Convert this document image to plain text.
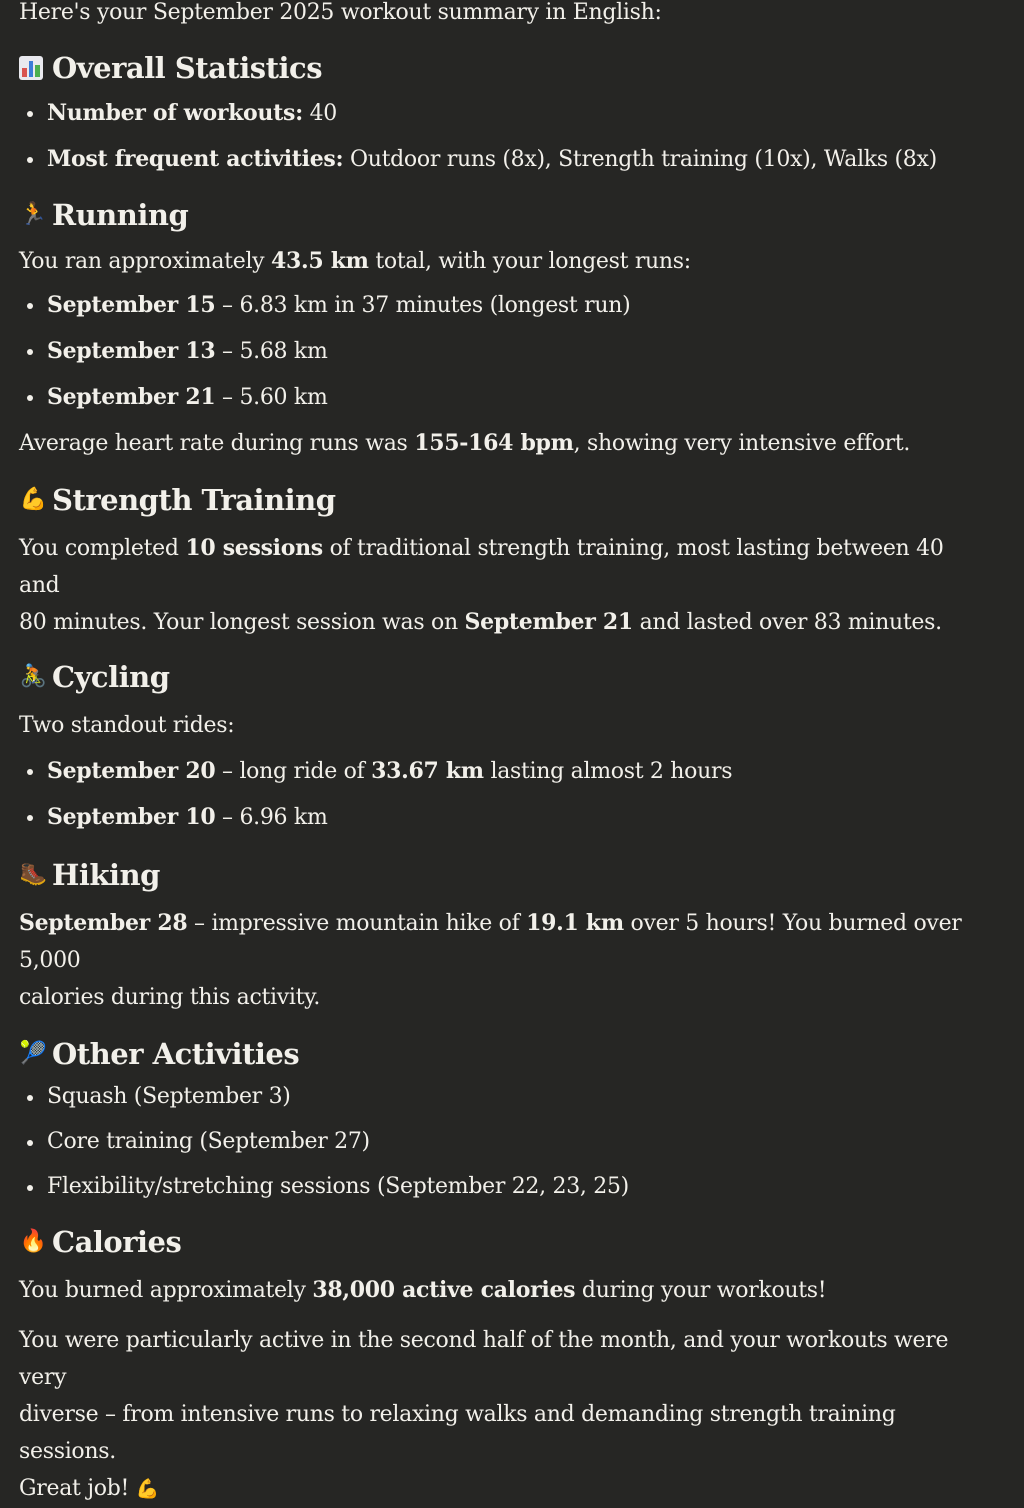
Here's your September 2025 workout summary in English:

Overall Statistics
Number of workouts: 40
Most frequent activities: Outdoor runs (8x), Strength training (10x), Walks (8x)
🏃 Running

You ran approximately 43.5 km total, with your longest runs:

September 15 – 6.83 km in 37 minutes (longest run)
September 13 – 5.68 km
September 21 – 5.60 km

Average heart rate during runs was 155-164 bpm, showing very intensive effort.

💪 Strength Training

You completed 10 sessions of traditional strength training, most lasting between 40 and
80 minutes. Your longest session was on September 21 and lasted over 83 minutes.

🚴 Cycling

Two standout rides:

September 20 – long ride of 33.67 km lasting almost 2 hours
September 10 – 6.96 km
🥾 Hiking

September 28 – impressive mountain hike of 19.1 km over 5 hours! You burned over 5,000
calories during this activity.

🎾 Other Activities
Squash (September 3)
Core training (September 27)
Flexibility/stretching sessions (September 22, 23, 25)
🔥 Calories

You burned approximately 38,000 active calories during your workouts!

You were particularly active in the second half of the month, and your workouts were very
diverse – from intensive runs to relaxing walks and demanding strength training sessions.
Great job! 💪
